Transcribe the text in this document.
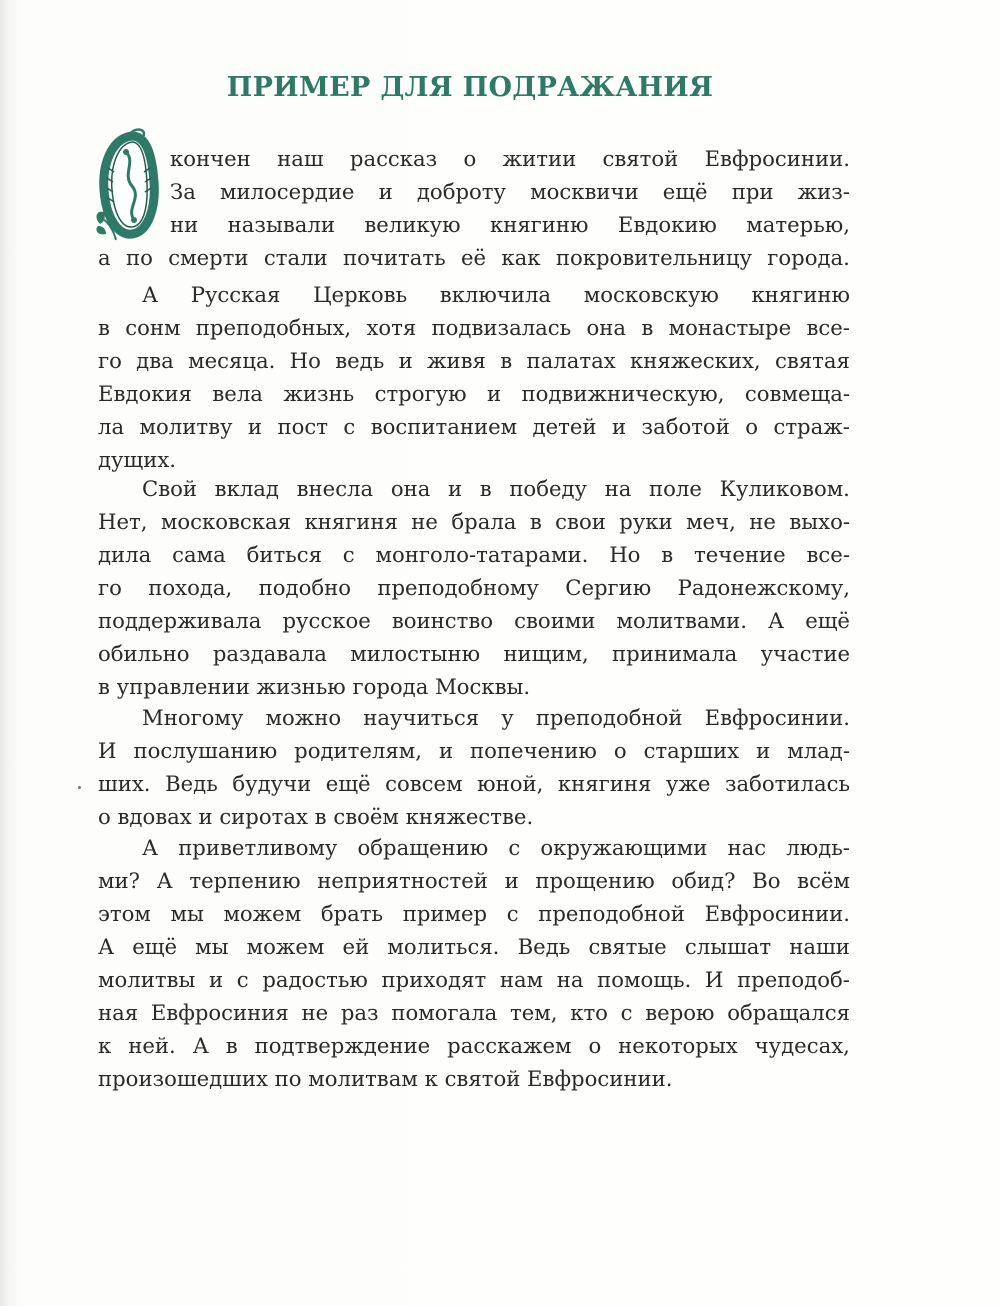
ПРИМЕР ДЛЯ ПОДРАЖАНИЯ
кончен наш рассказ о житии святой Евфросинии.
За милосердие и доброту москвичи ещё при жиз-
ни называли великую княгиню Евдокию матерью,
а по смерти стали почитать её как покровительницу города.
А Русская Церковь включила московскую княгиню
в сонм преподобных, хотя подвизалась она в монастыре все-
го два месяца. Но ведь и живя в палатах княжеских, святая
Евдокия вела жизнь строгую и подвижническую, совмеща-
ла молитву и пост с воспитанием детей и заботой о страж-
дущих.
Свой вклад внесла она и в победу на поле Куликовом.
Нет, московская княгиня не брала в свои руки меч, не выхо-
дила сама биться с монголо-татарами. Но в течение все-
го похода, подобно преподобному Сергию Радонежскому,
поддерживала русское воинство своими молитвами. А ещё
обильно раздавала милостыню нищим, принимала участие
в управлении жизнью города Москвы.
Многому можно научиться у преподобной Евфросинии.
И послушанию родителям, и попечению о старших и млад-
ших. Ведь будучи ещё совсем юной, княгиня уже заботилась
о вдовах и сиротах в своём княжестве.
А приветливому обращению с окружающими нас людь-
ми? А терпению неприятностей и прощению обид? Во всём
этом мы можем брать пример с преподобной Евфросинии.
А ещё мы можем ей молиться. Ведь святые слышат наши
молитвы и с радостью приходят нам на помощь. И преподоб-
ная Евфросиния не раз помогала тем, кто с верою обращался
к ней. А в подтверждение расскажем о некоторых чудесах,
произошедших по молитвам к святой Евфросинии.
